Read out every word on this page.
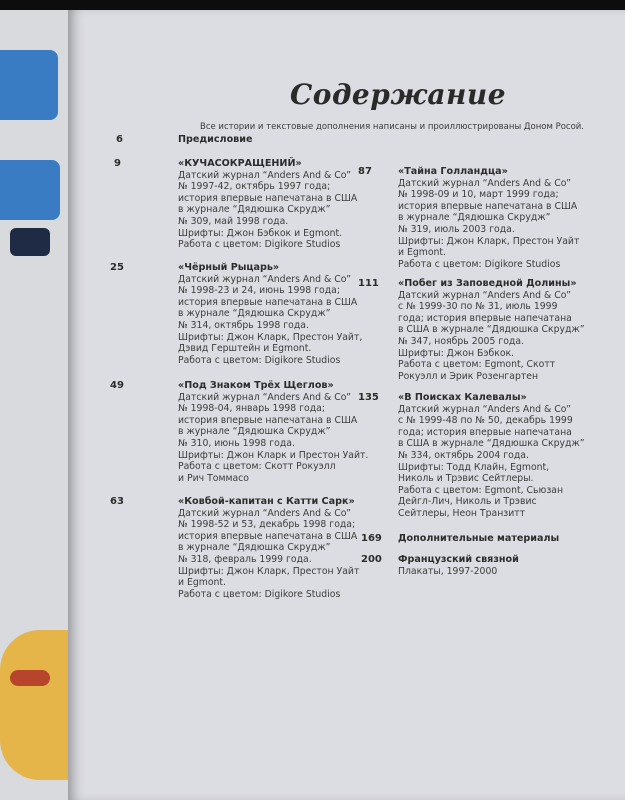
Содержание
Все истории и текстовые дополнения написаны и проиллюстрированы Доном Росой.
6	Предисловие
9	«КУЧАСОКРАЩЕНИЙ»
Датский журнал “Anders And & Co”
№ 1997-42, октябрь 1997 года;
история впервые напечатана в США
в журнале “Дядюшка Скрудж”
№ 309, май 1998 года.
Шрифты: Джон Бэбкок и Egmont.
Работа с цветом: Digikore Studios
25	«Чёрный Рыцарь»
Датский журнал “Anders And & Co”
№ 1998-23 и 24, июнь 1998 года;
история впервые напечатана в США
в журнале “Дядюшка Скрудж”
№ 314, октябрь 1998 года.
Шрифты: Джон Кларк, Престон Уайт,
Дэвид Герштейн и Egmont.
Работа с цветом: Digikore Studios
49	«Под Знаком Трёх Щеглов»
Датский журнал “Anders And & Co”
№ 1998-04, январь 1998 года;
история впервые напечатана в США
в журнале “Дядюшка Скрудж”
№ 310, июнь 1998 года.
Шрифты: Джон Кларк и Престон Уайт.
Работа с цветом: Скотт Рокуэлл
и Рич Томмасо
63	«Ковбой-капитан с Катти Сарк»
Датский журнал “Anders And & Co”
№ 1998-52 и 53, декабрь 1998 года;
история впервые напечатана в США
в журнале “Дядюшка Скрудж”
№ 318, февраль 1999 года.
Шрифты: Джон Кларк, Престон Уайт
и Egmont.
Работа с цветом: Digikore Studios
87	«Тайна Голландца»
Датский журнал “Anders And & Co”
№ 1998-09 и 10, март 1999 года;
история впервые напечатана в США
в журнале “Дядюшка Скрудж”
№ 319, июль 2003 года.
Шрифты: Джон Кларк, Престон Уайт
и Egmont.
Работа с цветом: Digikore Studios
111 «Побег из Заповедной Долины»
Датский журнал “Anders And & Co”
с № 1999-30 по № 31, июль 1999
года; история впервые напечатана
в США в журнале “Дядюшка Скрудж”
№ 347, ноябрь 2005 года.
Шрифты: Джон Бэбкок.
Работа с цветом: Egmont, Скотт
Рокуэлл и Эрик Розенгартен
135 «В Поисках Калевалы»
Датский журнал “Anders And & Co”
с № 1999-48 по № 50, декабрь 1999
года; история впервые напечатана
в США в журнале “Дядюшка Скрудж”
№ 334, октябрь 2004 года.
Шрифты: Тодд Клайн, Egmont,
Николь и Трэвис Сейтлеры.
Работа с цветом: Egmont, Сьюзан
Дейгл-Лич, Николь и Трэвис
Сейтлеры, Неон Транзитт
169 Дополнительные материалы
200 Французский связной
Плакаты, 1997-2000
